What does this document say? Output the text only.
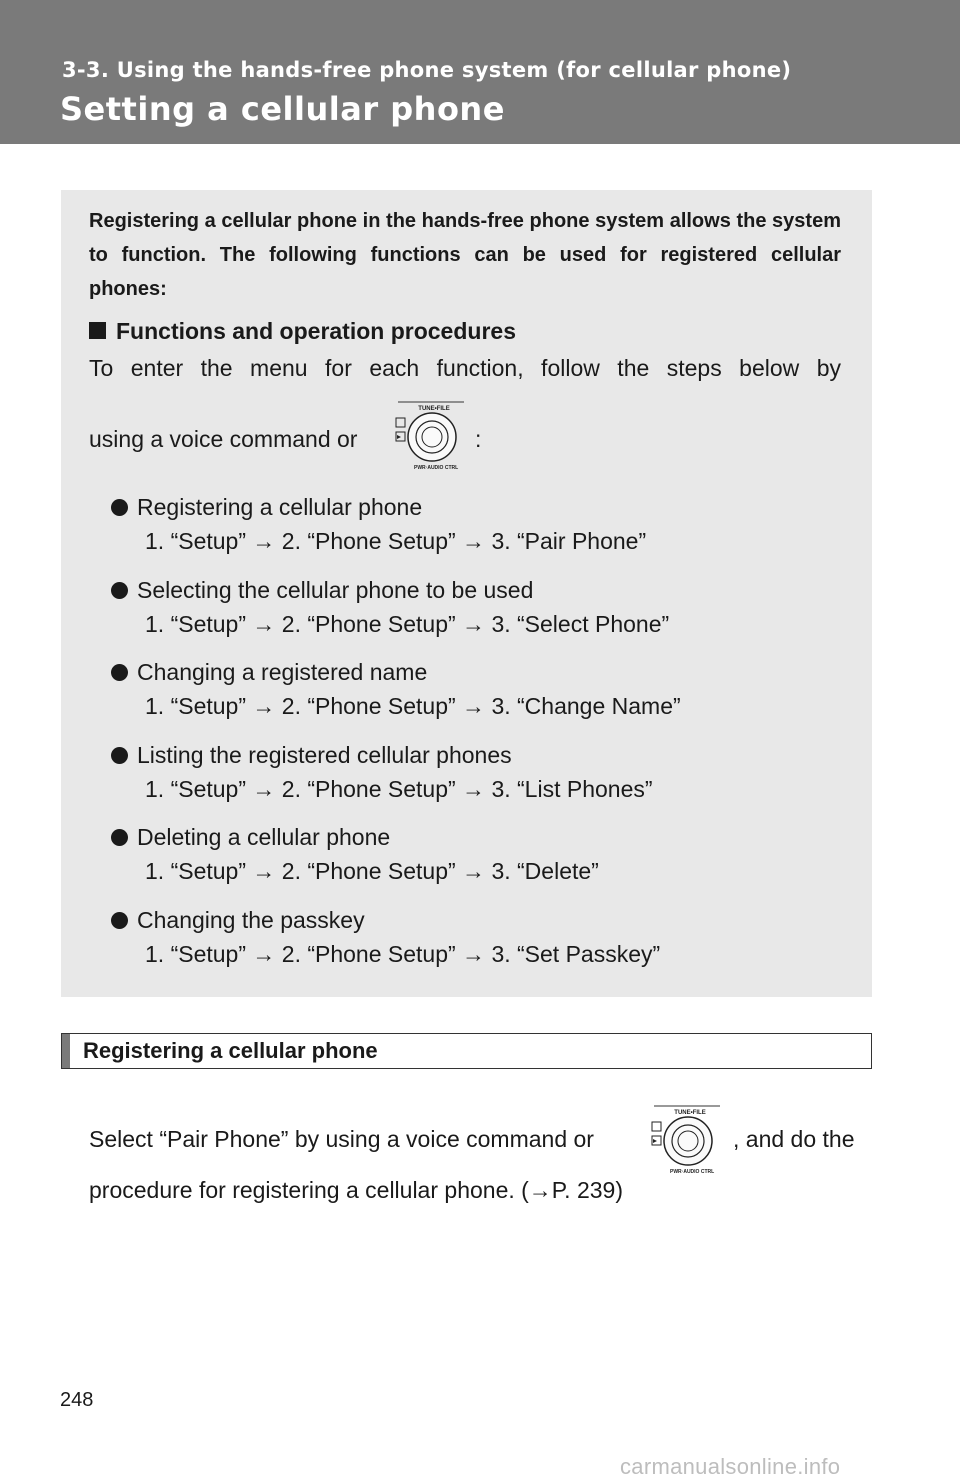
3-3. Using the hands-free phone system (for cellular phone)
Setting a cellular phone

Registering a cellular phone in the hands-free phone system allows the system to function. The following functions can be used for registered cellular phones:

Functions and operation procedures

To enter the menu for each function, follow the steps below by

using a voice command or

TUNE•FILE
PWR·AUDIO CTRL
:
Registering a cellular phone
1. “Setup” → 2. “Phone Setup” → 3. “Pair Phone”
Selecting the cellular phone to be used
1. “Setup” → 2. “Phone Setup” → 3. “Select Phone”
Changing a registered name
1. “Setup” → 2. “Phone Setup” → 3. “Change Name”
Listing the registered cellular phones
1. “Setup” → 2. “Phone Setup” → 3. “List Phones”
Deleting a cellular phone
1. “Setup” → 2. “Phone Setup” → 3. “Delete”
Changing the passkey
1. “Setup” → 2. “Phone Setup” → 3. “Set Passkey”
Registering a cellular phone
Select “Pair Phone” by using a voice command or
TUNE•FILE
PWR·AUDIO CTRL
, and do the
procedure for registering a cellular phone. (→P. 239)
248
carmanualsonline.info
